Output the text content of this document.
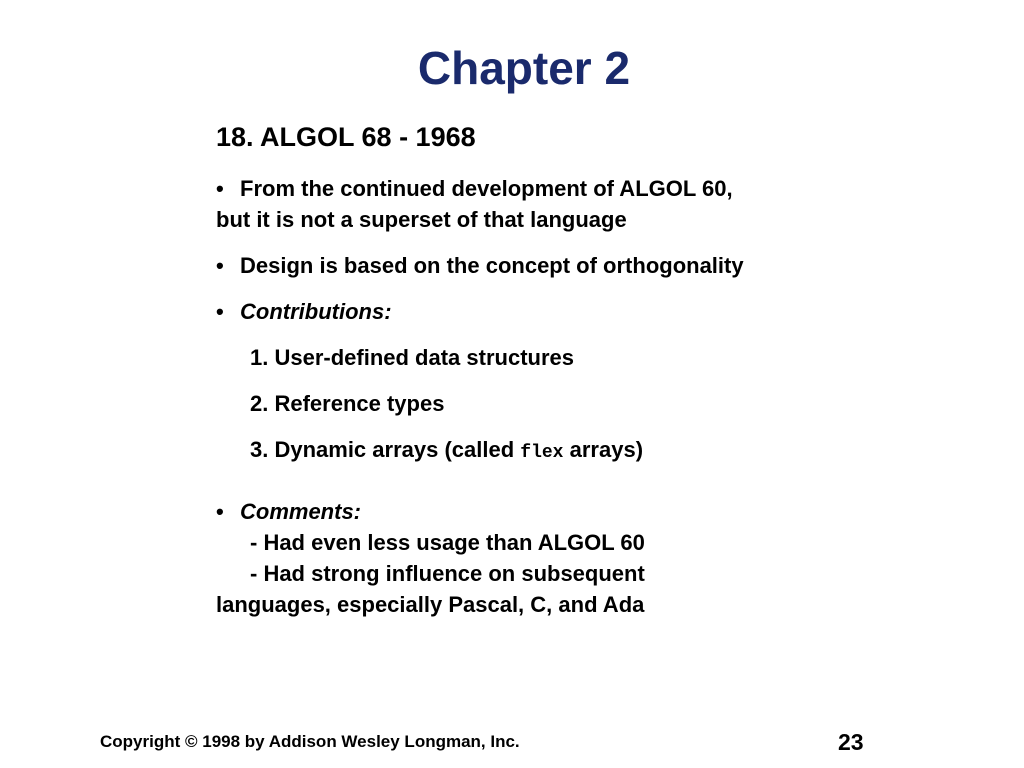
Chapter 2
18. ALGOL 68 - 1968
• From the continued development of ALGOL 60,
but it is not a superset of that language
• Design is based on the concept of orthogonality
• Contributions:
1. User-defined data structures
2. Reference types
3. Dynamic arrays (called flex arrays)
• Comments:
- Had even less usage than ALGOL 60
- Had strong influence on subsequent
languages, especially Pascal, C, and Ada
Copyright © 1998 by Addison Wesley Longman, Inc.	23
